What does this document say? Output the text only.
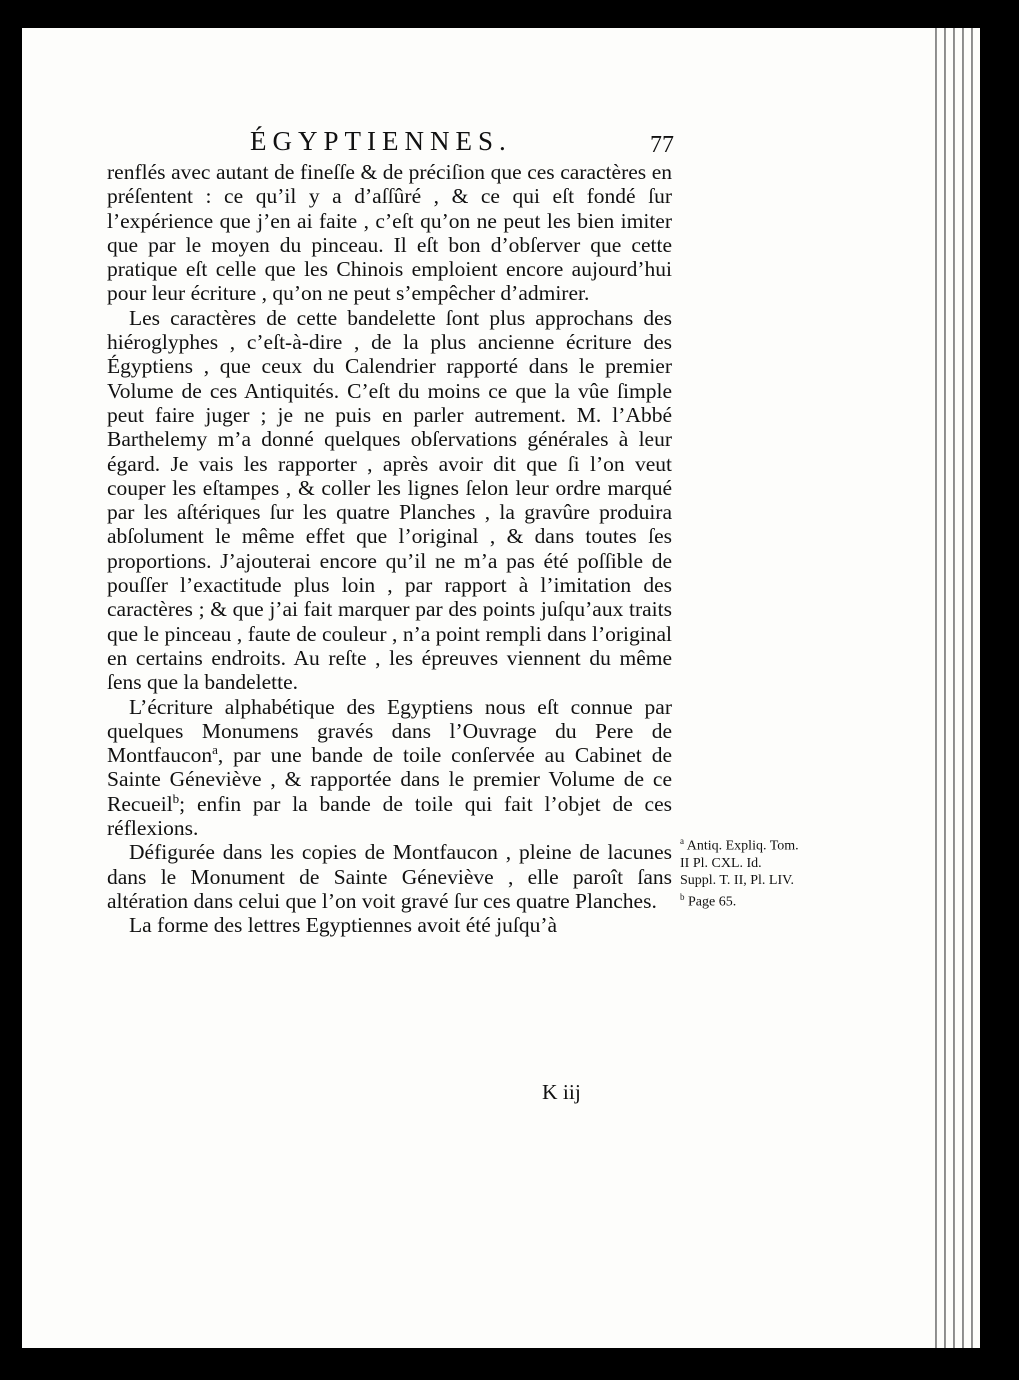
ÉGYPTIENNES.	77

renflés avec autant de fineſſe & de préciſion que ces caractères en préſentent : ce qu’il y a d’aſſûré , & ce qui eſt fondé ſur l’expérience que j’en ai faite , c’eſt qu’on ne peut les bien imiter que par le moyen du pinceau. Il eſt bon d’obſerver que cette pratique eſt celle que les Chinois emploient encore aujourd’hui pour leur écriture , qu’on ne peut s’empêcher d’admirer.

Les caractères de cette bandelette ſont plus approchans des hiéroglyphes , c’eſt-à-dire , de la plus ancienne écriture des Égyptiens , que ceux du Calendrier rapporté dans le premier Volume de ces Antiquités. C’eſt du moins ce que la vûe ſimple peut faire juger ; je ne puis en parler autrement. M. l’Abbé Barthelemy m’a donné quelques obſervations générales à leur égard. Je vais les rapporter , après avoir dit que ſi l’on veut couper les eſtampes , & coller les lignes ſelon leur ordre marqué par les aſtériques ſur les quatre Planches , la gravûre produira abſolument le même effet que l’original , & dans toutes ſes proportions. J’ajouterai encore qu’il ne m’a pas été poſſible de pouſſer l’exactitude plus loin , par rapport à l’imitation des caractères ; & que j’ai fait marquer par des points juſqu’aux traits que le pinceau , faute de couleur , n’a point rempli dans l’original en certains endroits. Au reſte , les épreuves viennent du même ſens que la bandelette.

L’écriture alphabétique des Egyptiens nous eſt connue par quelques Monumens gravés dans l’Ouvrage du Pere de Montfaucon$^a$, par une bande de toile conſervée au Cabinet de Sainte Géneviève , & rapportée dans le premier Volume de ce Recueil$^b$; enfin par la bande de toile qui fait l’objet de ces réflexions.

Défigurée dans les copies de Montfaucon , pleine de lacunes dans le Monument de Sainte Géneviève , elle paroît ſans altération dans celui que l’on voit gravé ſur ces quatre Planches.

La forme des lettres Egyptiennes avoit été juſqu’à

$^a$ Antiq. Expliq. Tom. II Pl. CXL. Id. Suppl. T. II, Pl. LIV.

$^b$ Page 65.

K iij
